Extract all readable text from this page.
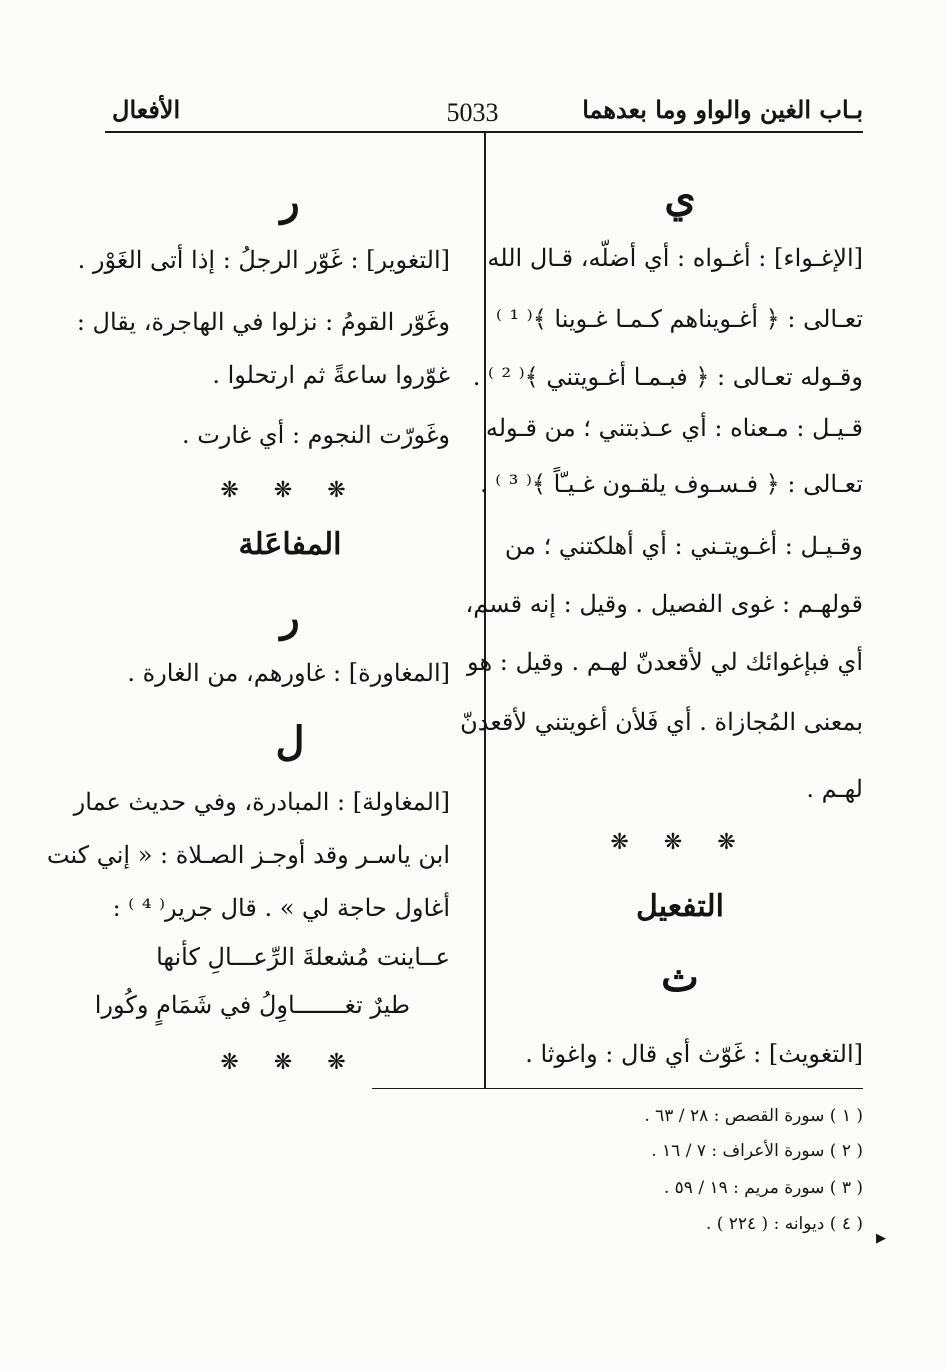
بـاب الغين والواو وما بعدهما
5033
الأفعال
ي
[الإغـواء] : أغـواه : أي أضلّه، قـال الله
تعـالى : ﴿ أغـويناهم كـمـا غـوينا ﴾⁽ ¹ ⁾
وقـوله تعـالى : ﴿ فبـمـا أغـويتني ﴾⁽ ² ⁾ .
قـيـل : مـعناه : أي عـذبتني ؛ من قـوله
تعـالى : ﴿ فـسـوف يلقـون غـيـّاً ﴾⁽ ³ ⁾ .
وقـيـل : أغـويتـني : أي أهلكتني ؛ من
قولهـم : غوى الفصيل . وقيل : إنه قسم،
أي فبإغوائك لي لأقعدنّ لهـم . وقيل : هو
بمعنى المُجازاة . أي فَلأن أغويتني لأقعدنّ
لهـم .
❋ ❋ ❋
التفعيل
ث
[التغويث] : غَوّث أي قال : واغوثا .
ر
[التغوير] : غَوّر الرجلُ : إذا أتى الغَوْر .
وغَوّر القومُ : نزلوا في الهاجرة، يقال :
غوّروا ساعةً ثم ارتحلوا .
وغَورّت النجوم : أي غارت .
❋ ❋ ❋
المفاعَلة
ر
[المغاورة] : غاورهم، من الغارة .
ل
[المغاولة] : المبادرة، وفي حديث عمار
ابن ياسـر وقد أوجـز الصـلاة : « إني كنت
أغاول حاجة لي » . قال جرير⁽ ⁴ ⁾ :
عــاينت مُشعلةَ الرِّعـــالِ كأنها
طيرٌ تغـــــــاوِلُ في شَمَامٍ وكُورا
❋ ❋ ❋
( ١ ) سورة القصص : ٢٨ / ٦٣ .
( ٢ ) سورة الأعراف : ٧ / ١٦ .
( ٣ ) سورة مريم : ١٩ / ٥٩ .
( ٤ ) ديوانه : ( ٢٢٤ ) .
▶
